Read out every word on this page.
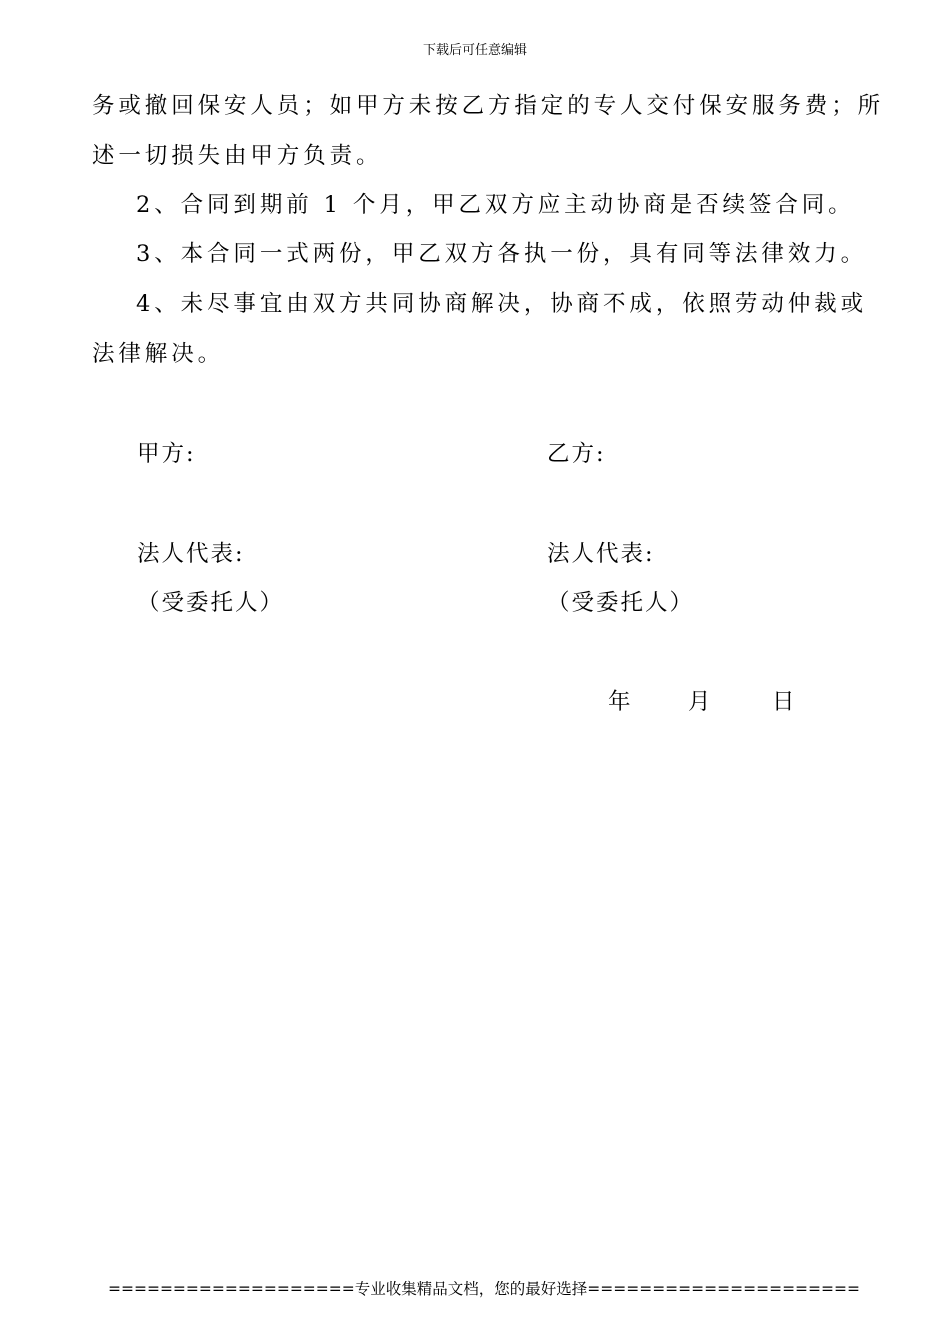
下载后可任意编辑
务或撤回保安人员；如甲方未按乙方指定的专人交付保安服务费；所
述一切损失由甲方负责。
2、合同到期前 1 个月，甲乙双方应主动协商是否续签合同。
3、本合同一式两份，甲乙双方各执一份，具有同等法律效力。
4、未尽事宜由双方共同协商解决，协商不成，依照劳动仲裁或
法律解决。
甲方:	乙方:
法人代表:	法人代表:
（受委托人）	（受委托人）
年	月	日
===================专业收集精品文档，您的最好选择=====================
